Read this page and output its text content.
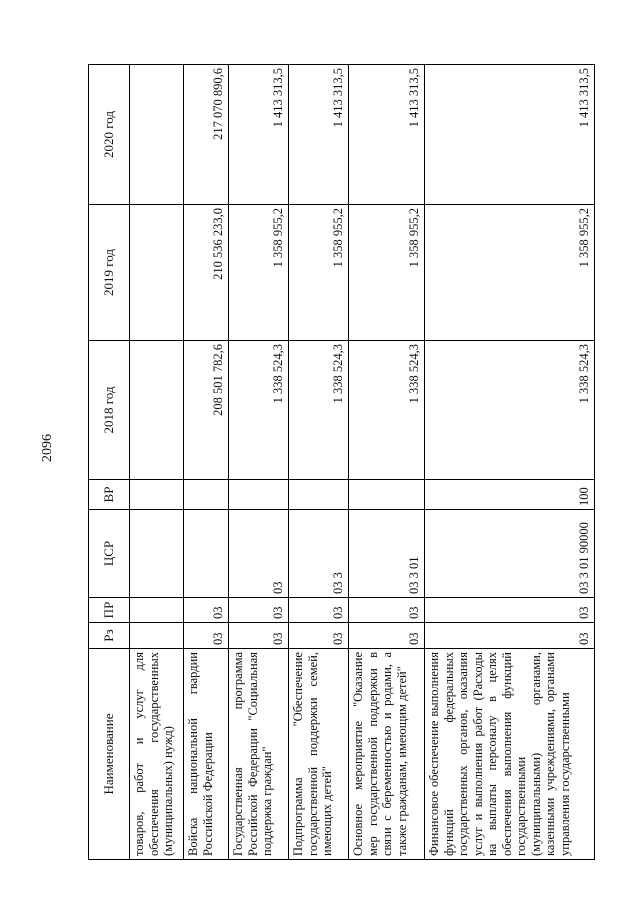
2096
Наименование	Рз	ПР	ЦСР	ВР	2018 год	2019 год	2020 год
товаров, работ и услуг для обеспечения государственных (муниципальных) нужд)							
Войска национальной гвардии Российской Федерации	03	03			208 501 782,6	210 536 233,0	217 070 890,6
Государственная программа Российской Федерации "Социальная поддержка граждан"	03	03	03		1 338 524,3	1 358 955,2	1 413 313,5
Подпрограмма "Обеспечение государственной поддержки семей, имеющих детей"	03	03	03 3		1 338 524,3	1 358 955,2	1 413 313,5
Основное мероприятие "Оказание мер государственной поддержки в связи с беременностью и родами, а также гражданам, имеющим детей"	03	03	03 3 01		1 338 524,3	1 358 955,2	1 413 313,5
Финансовое обеспечение выполнения функций федеральных государственных органов, оказания услуг и выполнения работ (Расходы на выплаты персоналу в целях обеспечения выполнения функций государственными (муниципальными) органами, казенными учреждениями, органами управления государственными	03	03	03 3 01 90000	100	1 338 524,3	1 358 955,2	1 413 313,5
